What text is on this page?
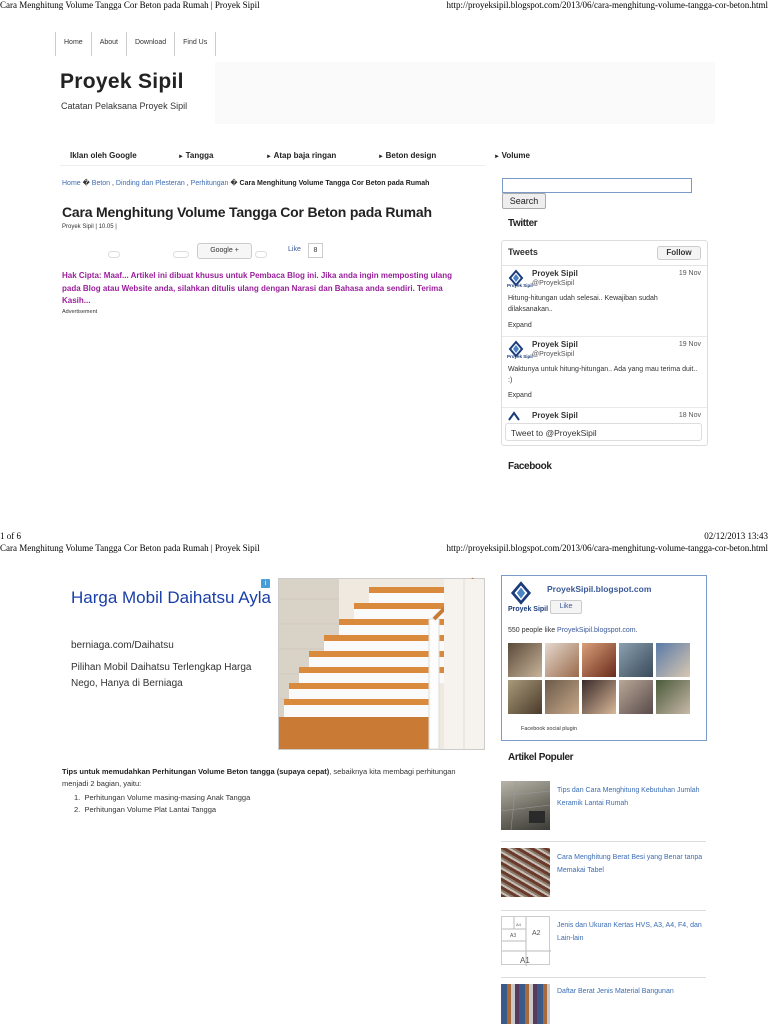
Cara Menghitung Volume Tangga Cor Beton pada Rumah | Proyek Sipil	http://proyeksipil.blogspot.com/2013/06/cara-menghitung-volume-tangga-cor-beton.html
Home	About	Download	Find Us
Proyek Sipil
Catatan Pelaksana Proyek Sipil
Iklan oleh Google	► Tangga	► Atap baja ringan	► Beton design	► Volume
Home � Beton , Dinding dan Plesteran , Perhitungan � Cara Menghitung Volume Tangga Cor Beton pada Rumah
Cara Menghitung Volume Tangga Cor Beton pada Rumah
Proyek Sipil | 10.05 |
Google +	Like	8
Hak Cipta: Maaf... Artikel ini dibuat khusus untuk Pembaca Blog ini. Jika anda ingin memposting ulang pada Blog atau Website anda, silahkan ditulis ulang dengan Narasi dan Bahasa anda sendiri. Terima Kasih...
Advertisement
Search
Twitter
Tweets	Follow
Proyek Sipil
Proyek Sipil
@ProyekSipil
19 Nov
Hitung-hitungan udah selesai.. Kewajiban sudah dilaksanakan..
Expand
Proyek Sipil
Proyek Sipil
@ProyekSipil
19 Nov
Waktunya untuk hitung-hitungan.. Ada yang mau terima duit.. :)
Expand
Proyek Sipil	18 Nov
Tweet to @ProyekSipil
Facebook
1 of 6	02/12/2013 13:43
Cara Menghitung Volume Tangga Cor Beton pada Rumah | Proyek Sipil	http://proyeksipil.blogspot.com/2013/06/cara-menghitung-volume-tangga-cor-beton.html
Harga Mobil Daihatsu Ayla
berniaga.com/Daihatsu
Pilihan Mobil Daihatsu Terlengkap Harga Nego, Hanya di Berniaga
i
Tips untuk memudahkan Perhitungan Volume Beton tangga (supaya cepat), sebaiknya kita membagi perhitungan menjadi 2 bagian, yaitu:
1.  Perhitungan Volume masing-masing Anak Tangga
2.  Perhitungan Volume Plat Lantai Tangga
Proyek Sipil
ProyekSipil.blogspot.com
Like
550 people like ProyekSipil.blogspot.com.
Facebook social plugin
Artikel Populer
Tips dan Cara Menghitung Kebutuhan Jumlah Keramik Lantai Rumah
Cara Menghitung Berat Besi yang Benar tanpa Memakai Tabel
A4
A3 A2
A1
Jenis dan Ukuran Kertas HVS, A3, A4, F4, dan Lain-lain
Daftar Berat Jenis Material Bangunan
